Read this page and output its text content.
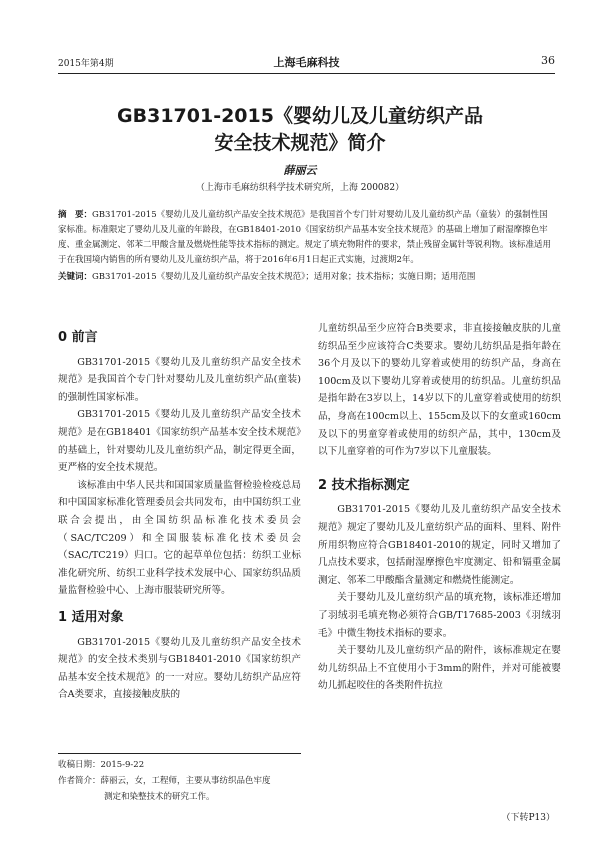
2015年第4期	上海毛麻科技	36
GB31701-2015《婴幼儿及儿童纺织产品
安全技术规范》简介
薛丽云
（上海市毛麻纺织科学技术研究所，上海 200082）

摘　要：GB31701-2015《婴幼儿及儿童纺织产品安全技术规范》是我国首个专门针对婴幼儿及儿童纺织产品（童装）的强制性国家标准。标准限定了婴幼儿及儿童的年龄段，在GB18401-2010《国家纺织产品基本安全技术规范》的基础上增加了耐湿摩擦色牢度、重金属测定、邻苯二甲酸含量及燃烧性能等技术指标的测定。规定了填充物附件的要求，禁止残留金属针等锐利物。该标准适用于在我国境内销售的所有婴幼儿及儿童纺织产品，将于2016年6月1日起正式实施，过渡期2年。

关键词：GB31701-2015《婴幼儿及儿童纺织产品安全技术规范》；适用对象；技术指标；实施日期；适用范围

0 前言

GB31701-2015《婴幼儿及儿童纺织产品安全技术规范》是我国首个专门针对婴幼儿及儿童纺织产品(童装)的强制性国家标准。

GB31701-2015《婴幼儿及儿童纺织产品安全技术规范》是在GB18401《国家纺织产品基本安全技术规范》的基础上，针对婴幼儿及儿童纺织产品，制定得更全面，更严格的安全技术规范。

该标准由中华人民共和国国家质量监督检验检疫总局和中国国家标准化管理委员会共同发布，由中国纺织工业联合会提出，由全国纺织品标准化技术委员会（SAC/TC209）和全国服装标准化技术委员会（SAC/TC219）归口。它的起草单位包括：纺织工业标准化研究所、纺织工业科学技术发展中心、国家纺织品质量监督检验中心、上海市服装研究所等。

1 适用对象

GB31701-2015《婴幼儿及儿童纺织产品安全技术规范》的安全技术类别与GB18401-2010《国家纺织产品基本安全技术规范》的一一对应。婴幼儿纺织产品应符合A类要求，直接接触皮肤的

儿童纺织品至少应符合B类要求，非直接接触皮肤的儿童纺织品至少应该符合C类要求。婴幼儿纺织品是指年龄在36个月及以下的婴幼儿穿着或使用的纺织产品，身高在100cm及以下婴幼儿穿着或使用的纺织品。儿童纺织品是指年龄在3岁以上，14岁以下的儿童穿着或使用的纺织品，身高在100cm以上、155cm及以下的女童或160cm及以下的男童穿着或使用的纺织产品，其中，130cm及以下儿童穿着的可作为7岁以下儿童服装。

2 技术指标测定

GB31701-2015《婴幼儿及儿童纺织产品安全技术规范》规定了婴幼儿及儿童纺织产品的面料、里料、附件所用织物应符合GB18401-2010的规定，同时又增加了几点技术要求，包括耐湿摩擦色牢度测定、铅和镉重金属测定、邻苯二甲酸酯含量测定和燃烧性能测定。

关于婴幼儿及儿童纺织产品的填充物，该标准还增加了羽绒羽毛填充物必须符合GB/T17685-2003《羽绒羽毛》中微生物技术指标的要求。

关于婴幼儿及儿童纺织产品的附件，该标准规定在婴幼儿纺织品上不宜使用小于3mm的附件，并对可能被婴幼儿抓起咬住的各类附件抗拉

收稿日期：2015-9-22

作者简介：薛丽云，女，工程师，主要从事纺织品色牢度

测定和染整技术的研究工作。

（下转P13）
